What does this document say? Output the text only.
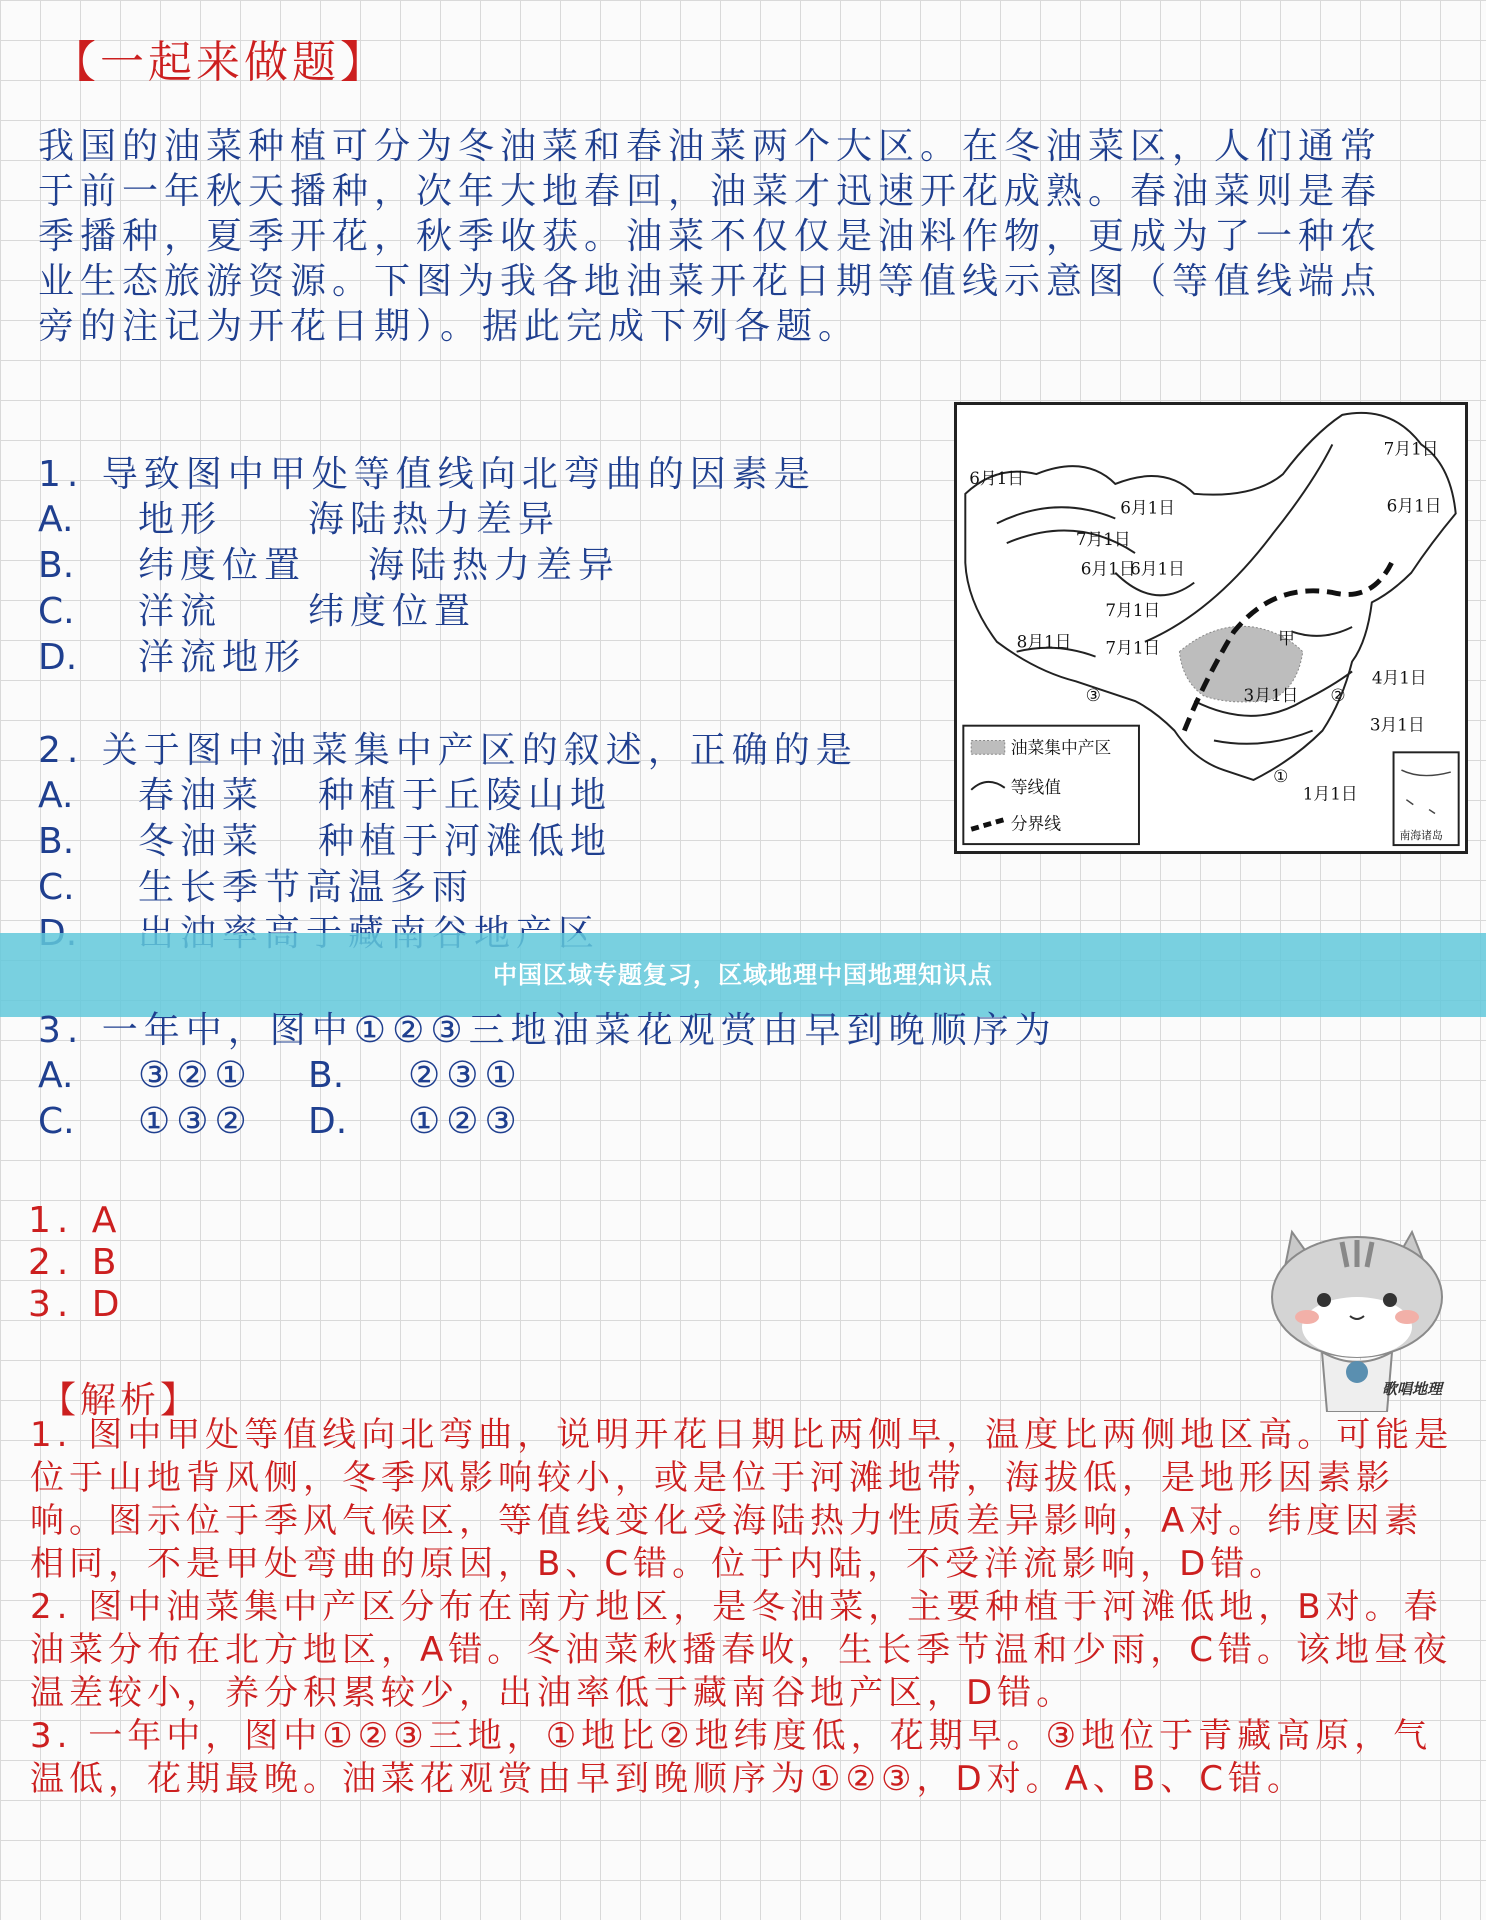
【一起来做题】
我国的油菜种植可分为冬油菜和春油菜两个大区。在冬油菜区，人们通常于前一年秋天播种，次年大地春回，油菜才迅速开花成熟。春油菜则是春季播种，夏季开花，秋季收获。油菜不仅仅是油料作物，更成为了一种农业生态旅游资源。下图为我各地油菜开花日期等值线示意图（等值线端点旁的注记为开花日期）。据此完成下列各题。
1. 导致图中甲处等值线向北弯曲的因素是
A. 地形 海陆热力差异
B. 纬度位置 海陆热力差异
C. 洋流 纬度位置
D. 洋流地形
2. 关于图中油菜集中产区的叙述，正确的是
A. 春油菜 种植于丘陵山地
B. 冬油菜 种植于河滩低地
C. 生长季节高温多雨
中国区域专题复习，区域地理中国地理知识点
3. 一年中，图中①②③三地油菜花观赏由早到晚顺序为
A. ③②① B. ②③①
C. ①③② D. ①②③
1. A
2. B
3. D
歌唱地理
【解析】

1. 图中甲处等值线向北弯曲，说明开花日期比两侧早，温度比两侧地区高。可能是位于山地背风侧，冬季风影响较小，或是位于河滩地带，海拔低，是地形因素影响。图示位于季风气候区，等值线变化受海陆热力性质差异影响，A对。纬度因素相同，不是甲处弯曲的原因，B、C错。位于内陆，不受洋流影响，D错。

2. 图中油菜集中产区分布在南方地区，是冬油菜，主要种植于河滩低地，B对。春油菜分布在北方地区，A错。冬油菜秋播春收，生长季节温和少雨，C错。该地昼夜温差较小，养分积累较少，出油率低于藏南谷地产区，D错。

3. 一年中，图中①②③三地，①地比②地纬度低，花期早。③地位于青藏高原，气温低，花期最晚。油菜花观赏由早到晚顺序为①②③，D对。A、B、C错。

6月1日
6月1日
7月1日
6月1日
7月1日
6月1日
6月1日
7月1日
7月1日
8月1日	甲
4月1日
3月1日
3月1日
1月1日
①
②
③
油菜集中产区
等线值
分界线
南海诸岛
